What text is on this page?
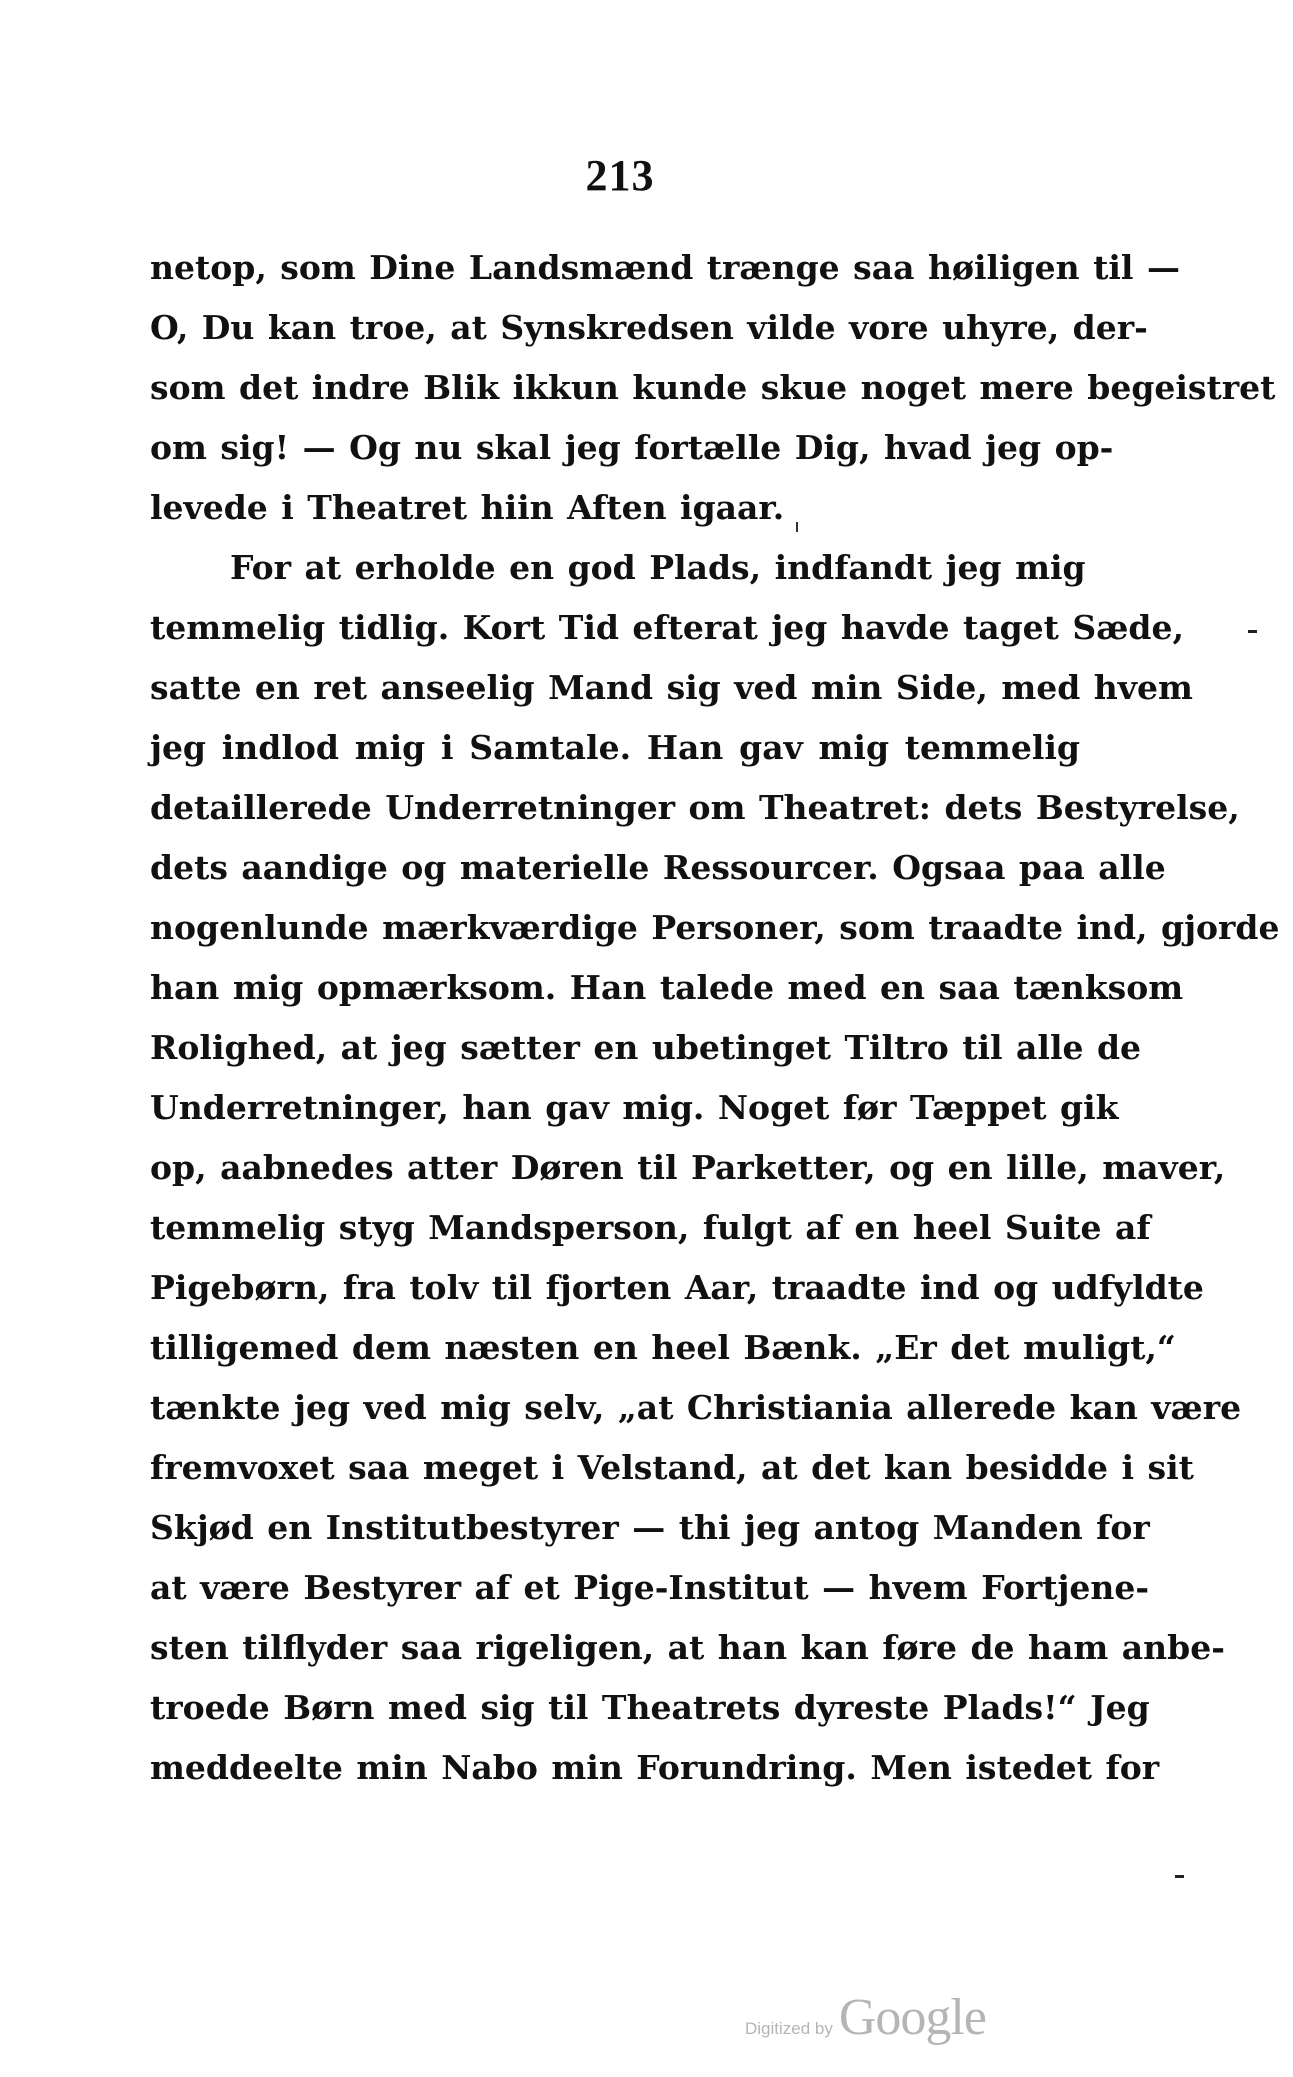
213
netop, som Dine Landsmænd trænge saa høiligen til —
O, Du kan troe, at Synskredsen vilde vore uhyre, der-
som det indre Blik ikkun kunde skue noget mere begeistret
om sig! — Og nu skal jeg fortælle Dig, hvad jeg op-
levede i Theatret hiin Aften igaar.
For at erholde en god Plads, indfandt jeg mig
temmelig tidlig. Kort Tid efterat jeg havde taget Sæde,
satte en ret anseelig Mand sig ved min Side, med hvem
jeg indlod mig i Samtale. Han gav mig temmelig
detaillerede Underretninger om Theatret: dets Bestyrelse,
dets aandige og materielle Ressourcer. Ogsaa paa alle
nogenlunde mærkværdige Personer, som traadte ind, gjorde
han mig opmærksom. Han talede med en saa tænksom
Rolighed, at jeg sætter en ubetinget Tiltro til alle de
Underretninger, han gav mig. Noget før Tæppet gik
op, aabnedes atter Døren til Parketter, og en lille, maver,
temmelig styg Mandsperson, fulgt af en heel Suite af
Pigebørn, fra tolv til fjorten Aar, traadte ind og udfyldte
tilligemed dem næsten en heel Bænk. „Er det muligt,“
tænkte jeg ved mig selv, „at Christiania allerede kan være
fremvoxet saa meget i Velstand, at det kan besidde i sit
Skjød en Institutbestyrer — thi jeg antog Manden for
at være Bestyrer af et Pige-Institut — hvem Fortjene-
sten tilflyder saa rigeligen, at han kan føre de ham anbe-
troede Børn med sig til Theatrets dyreste Plads!“ Jeg
meddeelte min Nabo min Forundring. Men istedet for
Digitized by Google
